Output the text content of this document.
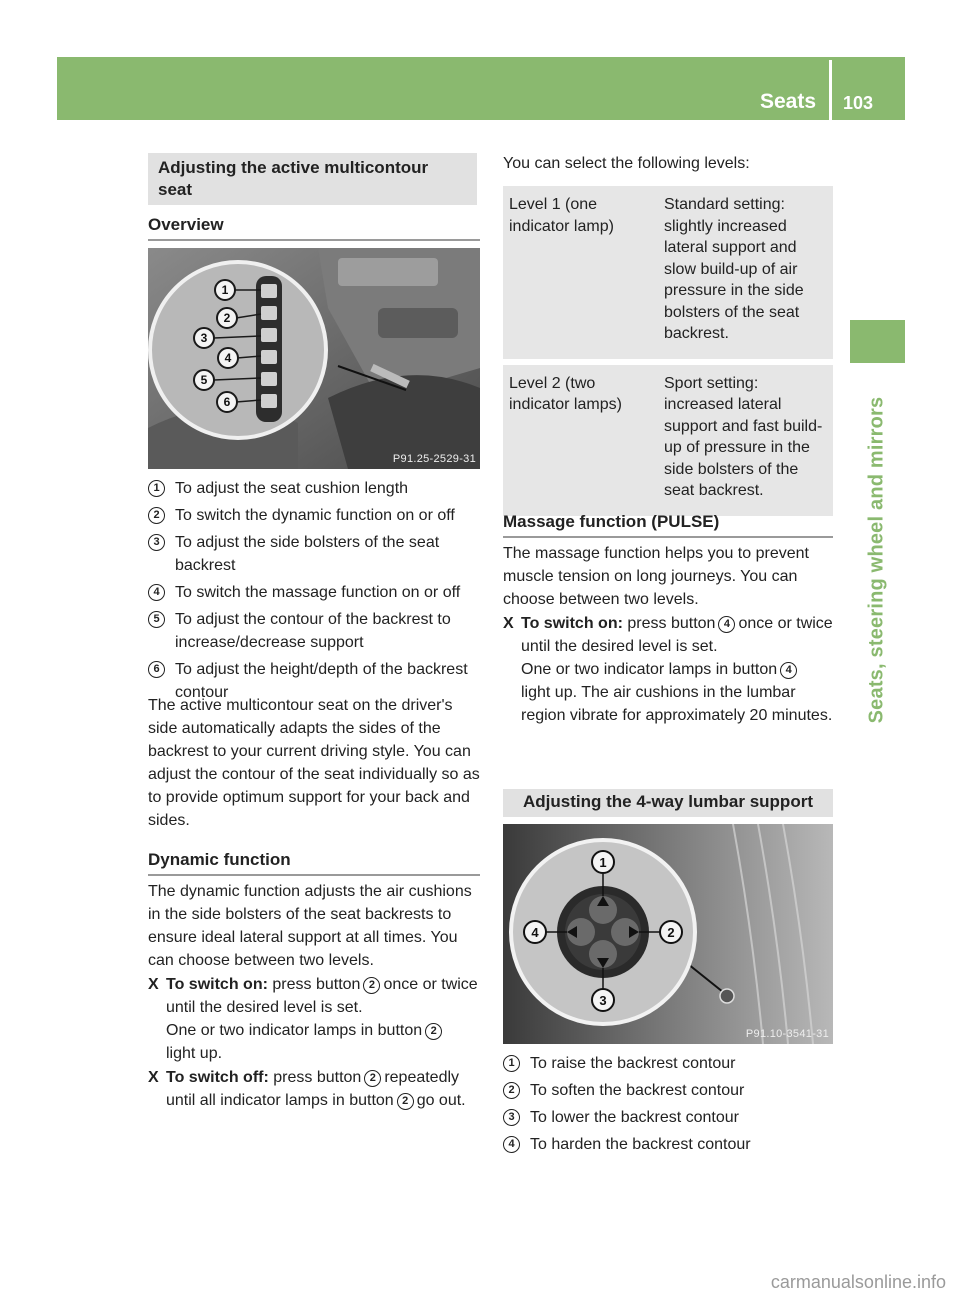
Seats 103
Seats, steering wheel and mirrors
Adjusting the active multicontour seat
Overview
1
2
3
4
5
6
P91.25-2529-31
1 To adjust the seat cushion length
2 To switch the dynamic function on or off
3 To adjust the side bolsters of the seat backrest
4 To switch the massage function on or off
5 To adjust the contour of the backrest to increase/decrease support
6 To adjust the height/depth of the backrest contour

The active multicontour seat on the driver's side automatically adapts the sides of the backrest to your current driving style. You can adjust the contour of the seat individually so as to provide optimum support for your back and sides.

Dynamic function

The dynamic function adjusts the air cushions in the side bolsters of the seat backrests to ensure ideal lateral support at all times. You can choose between two levels.

X To switch on: press button 2 once or twice until the desired level is set.
One or two indicator lamps in button 2
light up.

X To switch off: press button 2 repeatedly until all indicator lamps in button 2 go out.

You can select the following levels:

Level 1 (one indicator lamp)	Standard setting: slightly increased lateral support and slow build-up of air pressure in the side bolsters of the seat backrest.
Level 2 (two indicator lamps)	Sport setting: increased lateral support and fast build-up of pressure in the side bolsters of the seat backrest.
Massage function (PULSE)

The massage function helps you to prevent muscle tension on long journeys. You can choose between two levels.

X To switch on: press button 4 once or twice until the desired level is set.
One or two indicator lamps in button 4
light up. The air cushions in the lumbar region vibrate for approximately 20 minutes.

Adjusting the 4-way lumbar support
1
2
3
4
P91.10-3541-31
1 To raise the backrest contour
2 To soften the backrest contour
3 To lower the backrest contour
4 To harden the backrest contour
carmanualsonline.info
